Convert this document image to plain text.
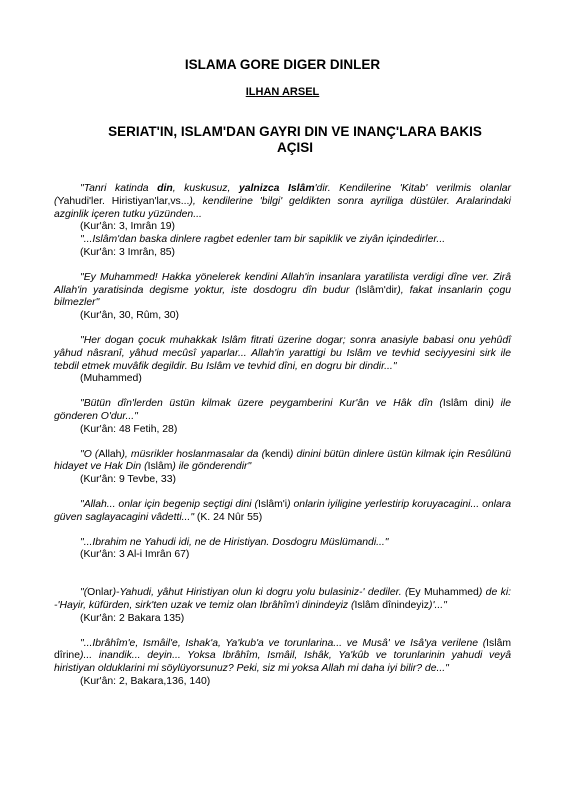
ISLAMA GORE DIGER DINLER

ILHAN ARSEL

SERIAT'IN, ISLAM'DAN GAYRI DIN VE INANÇ'LARA BAKIS
AÇISI

"Tanri katinda din, kuskusuz, yalnizca Islâm'dir. Kendilerine 'Kitab' verilmis olanlar (Yahudi'ler. Hiristiyan'lar,vs...), kendilerine 'bilgi' geldikten sonra ayriliga düstüler. Aralarindaki azginlik içeren tutku yüzünden...

(Kur'ân: 3, Imrân 19)

"...Islâm'dan baska dinlere ragbet edenler tam bir sapiklik ve ziyân içindedirler...

(Kur'ân: 3 Imrân, 85)

"Ey Muhammed! Hakka yönelerek kendini Allah'in insanlara yaratilista verdigi dîne ver. Zirâ Allah'in yaratisinda degisme yoktur, iste dosdogru dîn budur (Islâm'dir), fakat insanlarin çogu bilmezler"

(Kur'ân, 30, Rûm, 30)

"Her dogan çocuk muhakkak Islâm fitrati üzerine dogar; sonra anasiyle babasi onu yehûdî yâhud nâsranî, yâhud mecûsî yaparlar... Allah'in yarattigi bu Islâm ve tevhid seciyyesini sirk ile tebdil etmek muvâfik degildir. Bu Islâm ve tevhid dîni, en dogru bir dindir..."

(Muhammed)

"Bütün dîn'lerden üstün kilmak üzere peygamberini Kur'ân ve Hâk dîn (Islâm dini) ile gönderen O'dur..."

(Kur'ân: 48 Fetih, 28)

"O (Allah), müsrikler hoslanmasalar da (kendi) dinini bütün dinlere üstün kilmak için Resûlünü hidayet ve Hak Din (Islâm) ile gönderendir"

(Kur'ân: 9 Tevbe, 33)

"Allah... onlar için begenip seçtigi dini (Islâm'i) onlarin iyiligine yerlestirip koruyacagini... onlara güven saglayacagini vâdetti..." (K. 24 Nûr 55)

"...Ibrahim ne Yahudi idi, ne de Hiristiyan. Dosdogru Müslümandi..."

(Kur'ân: 3 Al-i Imrân 67)

"(Onlar)-Yahudi, yâhut Hiristiyan olun ki dogru yolu bulasiniz-' dediler. (Ey Muhammed) de ki: -'Hayir, küfürden, sirk'ten uzak ve temiz olan Ibrâhîm'i dinindeyiz (Islâm dînindeyiz)'..."

(Kur'ân: 2 Bakara 135)

"...Ibrâhîm'e, Ismâil'e, Ishak'a, Ya'kub'a ve torunlarina... ve Musâ' ve Isâ'ya verilene (Islâm dîrine)... inandik... deyin... Yoksa Ibrâhîm, Ismâil, Ishâk, Ya'kûb ve torunlarinin yahudi veyâ hiristiyan olduklarini mi söylüyorsunuz? Peki, siz mi yoksa Allah mi daha iyi bilir? de..."

(Kur'ân: 2, Bakara,136, 140)
